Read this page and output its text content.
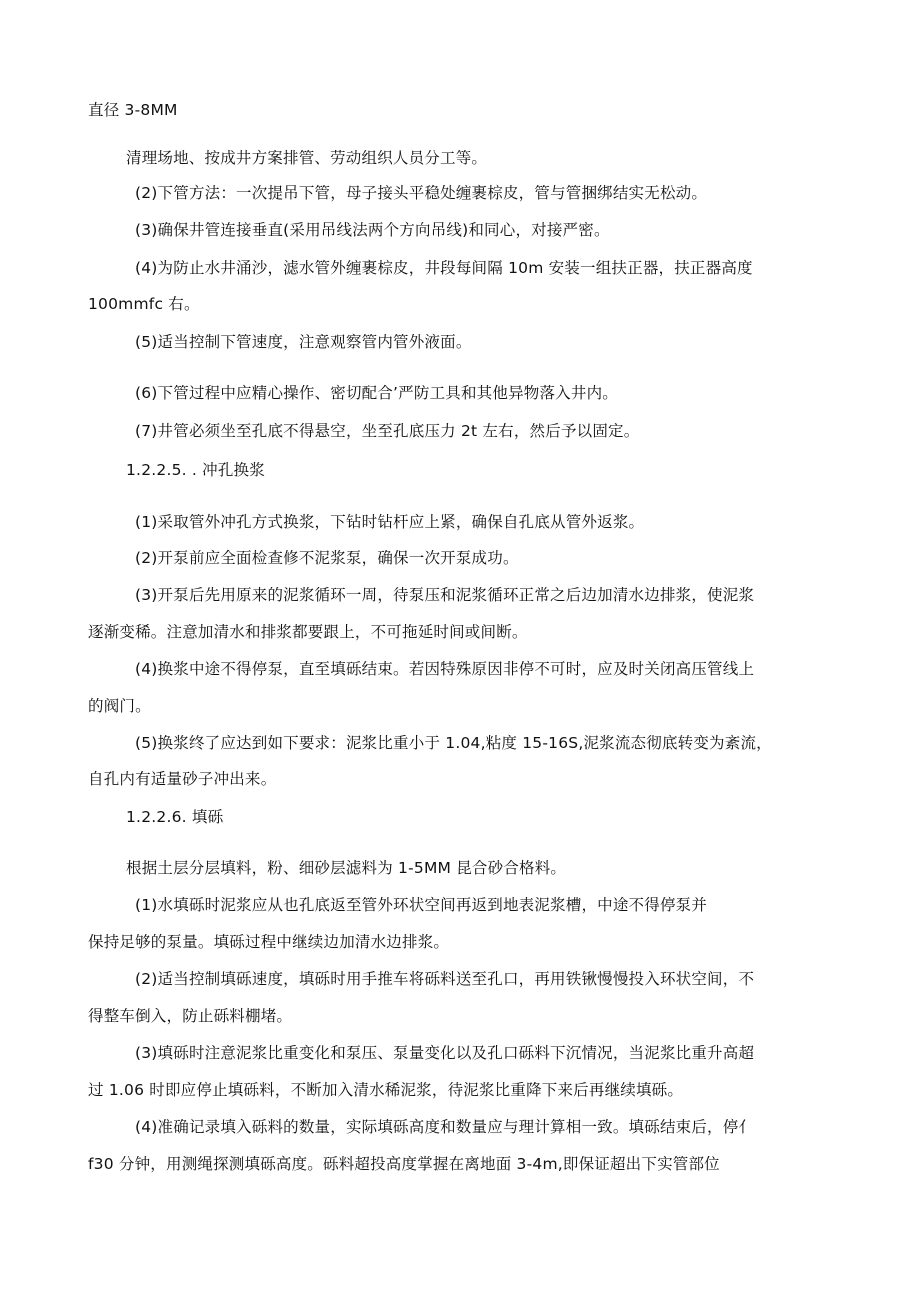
直径 3-8MM
清理场地、按成井方案排管、劳动组织人员分工等。
(2)下管方法：一次提吊下管，母子接头平稳处缠裹棕皮，管与管捆绑结实无松动。
(3)确保井管连接垂直(采用吊线法两个方向吊线)和同心，对接严密。
(4)为防止水井涌沙，滤水管外缠裹棕皮，井段每间隔 10m 安装一组扶正器，扶正器高度
100mmfc 右。
(5)适当控制下管速度，注意观察管内管外液面。
(6)下管过程中应精心操作、密切配合’严防工具和其他异物落入井内。
(7)井管必须坐至孔底不得悬空，坐至孔底压力 2t 左右，然后予以固定。
1.2.2.5. . 冲孔换浆
(1)采取管外冲孔方式换浆，下钻时钻杆应上紧，确保自孔底从管外返浆。
(2)开泵前应全面检查修不泥浆泵，确保一次开泵成功。
(3)开泵后先用原来的泥浆循环一周，待泵压和泥浆循环正常之后边加清水边排浆，使泥浆
逐渐变稀。注意加清水和排浆都要跟上，不可拖延时间或间断。
(4)换浆中途不得停泵，直至填砾结束。若因特殊原因非停不可时，应及时关闭高压管线上
的阀门。
(5)换浆终了应达到如下要求：泥浆比重小于 1.04,粘度 15-16S,泥浆流态彻底转变为紊流，
自孔内有适量砂子冲出来。
1.2.2.6. 填砾
根据土层分层填料，粉、细砂层滤料为 1-5MM 昆合砂合格料。
(1)水填砾时泥浆应从也孔底返至管外环状空间再返到地表泥浆槽，中途不得停泵并
保持足够的泵量。填砾过程中继续边加清水边排浆。
(2)适当控制填砾速度，填砾时用手推车将砾料送至孔口，再用铁锹慢慢投入环状空间，不
得整车倒入，防止砾料棚堵。
(3)填砾时注意泥浆比重变化和泵压、泵量变化以及孔口砾料下沉情况，当泥浆比重升高超
过 1.06 时即应停止填砾料，不断加入清水稀泥浆，待泥浆比重降下来后再继续填砾。
(4)准确记录填入砾料的数量，实际填砾高度和数量应与理计算相一致。填砾结束后，停亻
f30 分钟，用测绳探测填砾高度。砾料超投高度掌握在离地面 3-4m,即保证超出下实管部位
